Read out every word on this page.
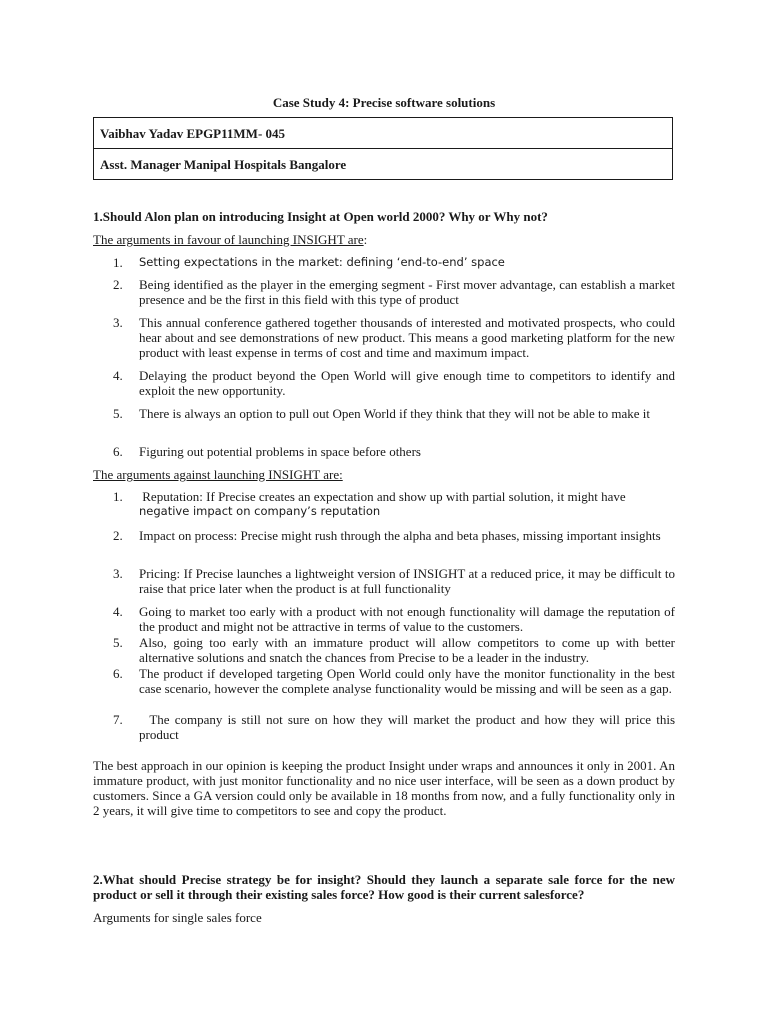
Case Study 4: Precise software solutions
Vaibhav Yadav EPGP11MM- 045
Asst. Manager Manipal Hospitals Bangalore
1.Should Alon plan on introducing Insight at Open world 2000? Why or Why not?
The arguments in favour of launching INSIGHT are:
1.	Setting expectations in the market: defining ‘end-to-end’ space
2.	Being identified as the player in the emerging segment - First mover advantage, can establish a market presence and be the first in this field with this type of product
3.	This annual conference gathered together thousands of interested and motivated prospects, who could hear about and see demonstrations of new product. This means a good marketing platform for the new product with least expense in terms of cost and time and maximum impact.
4.	Delaying the product beyond the Open World will give enough time to competitors to identify and exploit the new opportunity.
5.	There is always an option to pull out Open World if they think that they will not be able to make it
6.	Figuring out potential problems in space before others
The arguments against launching INSIGHT are:
1.	Reputation: If Precise creates an expectation and show up with partial solution, it might have
negative impact on company’s reputation
2.	Impact on process: Precise might rush through the alpha and beta phases, missing important insights
3.	Pricing: If Precise launches a lightweight version of INSIGHT at a reduced price, it may be difficult to raise that price later when the product is at full functionality
4.	Going to market too early with a product with not enough functionality will damage the reputation of the product and might not be attractive in terms of value to the customers.
5.	Also, going too early with an immature product will allow competitors to come up with better alternative solutions and snatch the chances from Precise to be a leader in the industry.
6.	The product if developed targeting Open World could only have the monitor functionality in the best case scenario, however the complete analyse functionality would be missing and will be seen as a gap.
7.	The company is still not sure on how they will market the product and how they will price this product
The best approach in our opinion is keeping the product Insight under wraps and announces it only in 2001. An immature product, with just monitor functionality and no nice user interface, will be seen as a down product by customers. Since a GA version could only be available in 18 months from now, and a fully functionality only in 2 years, it will give time to competitors to see and copy the product.
2.What should Precise strategy be for insight? Should they launch a separate sale force for the new product or sell it through their existing sales force? How good is their current salesforce?
Arguments for single sales force
